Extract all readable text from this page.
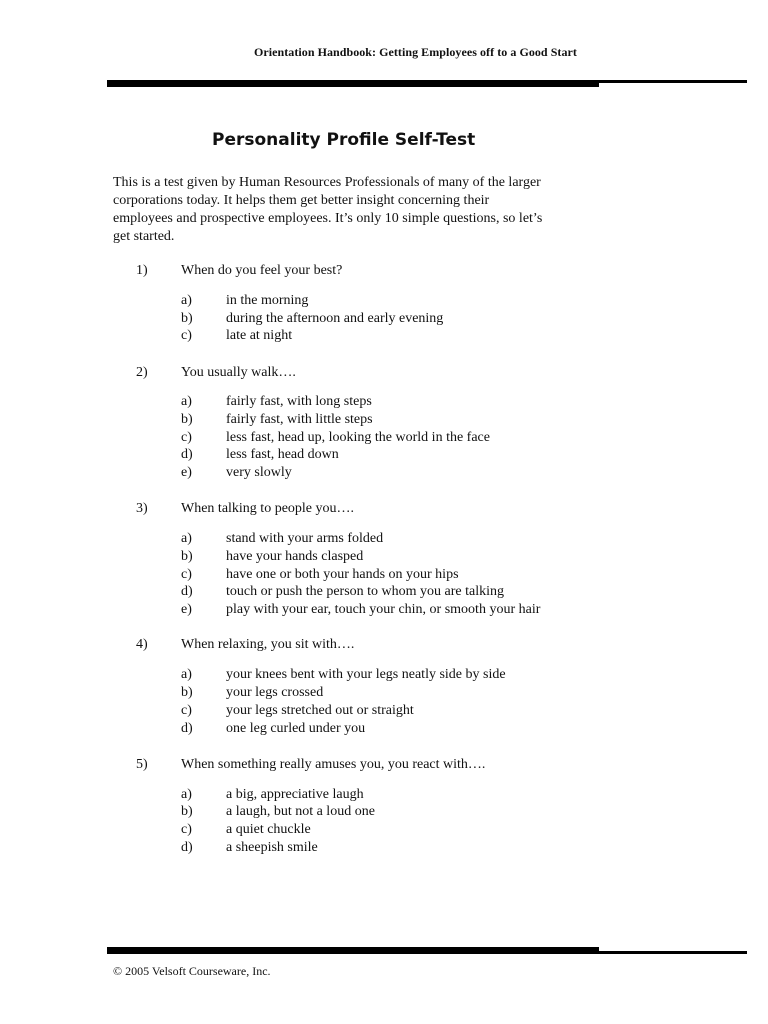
Orientation Handbook: Getting Employees off to a Good Start
Personality Profile Self-Test

This is a test given by Human Resources Professionals of many of the larger
corporations today. It helps them get better insight concerning their
employees and prospective employees. It’s only 10 simple questions, so let’s
get started.

1) When do you feel your best?
a) in the morning
b) during the afternoon and early evening
c) late at night
2) You usually walk….
a) fairly fast, with long steps
b) fairly fast, with little steps
c) less fast, head up, looking the world in the face
d) less fast, head down
e) very slowly
3) When talking to people you….
a) stand with your arms folded
b) have your hands clasped
c) have one or both your hands on your hips
d) touch or push the person to whom you are talking
e) play with your ear, touch your chin, or smooth your hair
4) When relaxing, you sit with….
a) your knees bent with your legs neatly side by side
b) your legs crossed
c) your legs stretched out or straight
d) one leg curled under you
5) When something really amuses you, you react with….
a) a big, appreciative laugh
b) a laugh, but not a loud one
c) a quiet chuckle
d) a sheepish smile
© 2005 Velsoft Courseware, Inc.
